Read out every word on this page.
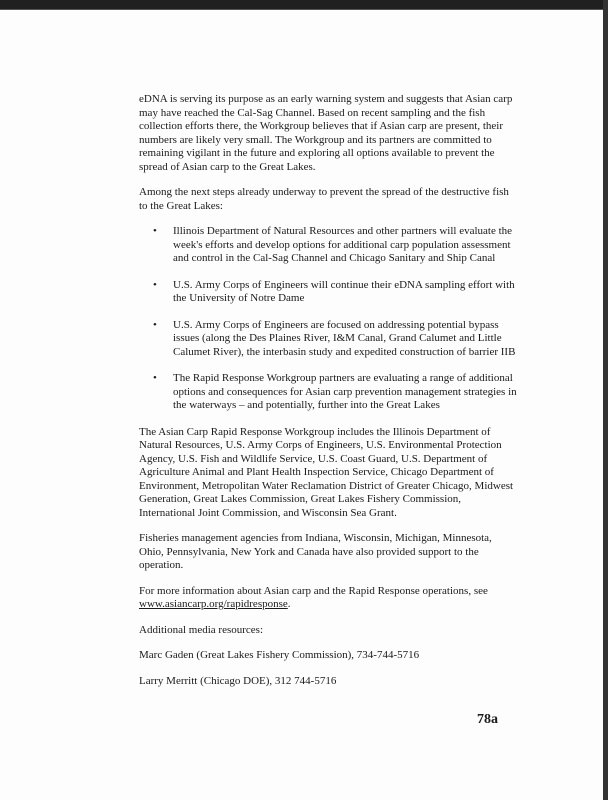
eDNA is serving its purpose as an early warning system and suggests that Asian carp may have reached the Cal-Sag Channel. Based on recent sampling and the fish collection efforts there, the Workgroup believes that if Asian carp are present, their numbers are likely very small. The Workgroup and its partners are committed to remaining vigilant in the future and exploring all options available to prevent the spread of Asian carp to the Great Lakes.

Among the next steps already underway to prevent the spread of the destructive fish to the Great Lakes:

• Illinois Department of Natural Resources and other partners will evaluate the week's efforts and develop options for additional carp population assessment and control in the Cal-Sag Channel and Chicago Sanitary and Ship Canal
• U.S. Army Corps of Engineers will continue their eDNA sampling effort with the University of Notre Dame
• U.S. Army Corps of Engineers are focused on addressing potential bypass issues (along the Des Plaines River, I&M Canal, Grand Calumet and Little Calumet River), the interbasin study and expedited construction of barrier IIB
• The Rapid Response Workgroup partners are evaluating a range of additional options and consequences for Asian carp prevention management strategies in the waterways – and potentially, further into the Great Lakes

The Asian Carp Rapid Response Workgroup includes the Illinois Department of Natural Resources, U.S. Army Corps of Engineers, U.S. Environmental Protection Agency, U.S. Fish and Wildlife Service, U.S. Coast Guard, U.S. Department of Agriculture Animal and Plant Health Inspection Service, Chicago Department of Environment, Metropolitan Water Reclamation District of Greater Chicago, Midwest Generation, Great Lakes Commission, Great Lakes Fishery Commission, International Joint Commission, and Wisconsin Sea Grant.

Fisheries management agencies from Indiana, Wisconsin, Michigan, Minnesota, Ohio, Pennsylvania, New York and Canada have also provided support to the operation.

For more information about Asian carp and the Rapid Response operations, see www.asiancarp.org/rapidresponse.

Additional media resources:

Marc Gaden (Great Lakes Fishery Commission), 734-744-5716

Larry Merritt (Chicago DOE), 312 744-5716

78a
